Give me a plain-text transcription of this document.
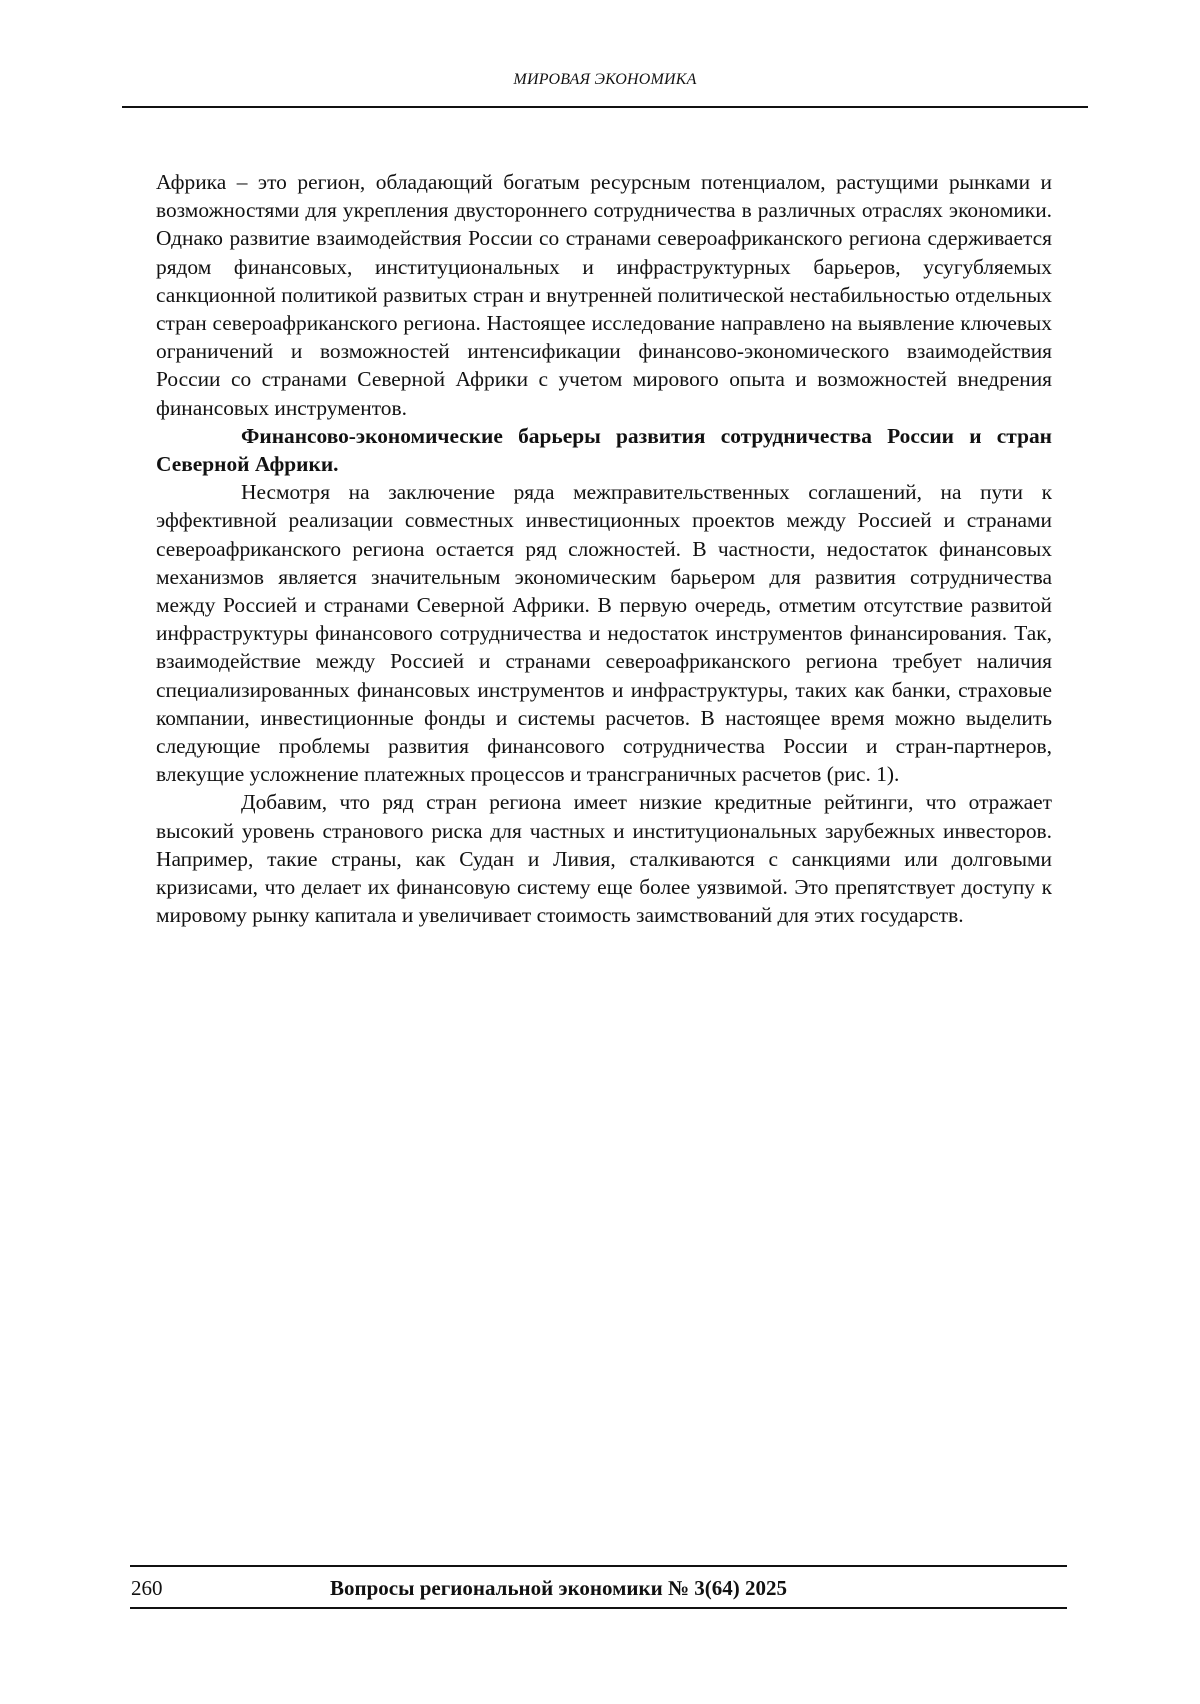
МИРОВАЯ ЭКОНОМИКА

Африка – это регион, обладающий богатым ресурсным потенциалом, растущими рынками и возможностями для укрепления двустороннего сотрудничества в различных отраслях экономики. Однако развитие взаимодействия России со странами североафриканского региона сдерживается рядом финансовых, институциональных и инфраструктурных барьеров, усугубляемых санкционной политикой развитых стран и внутренней политической нестабильностью отдельных стран североафриканского региона. Настоящее исследование направлено на выявление ключевых ограничений и возможностей интенсификации финансово-экономического взаимодействия России со странами Северной Африки с учетом мирового опыта и возможностей внедрения финансовых инструментов.

Финансово-экономические барьеры развития сотрудничества России и стран Северной Африки.

Несмотря на заключение ряда межправительственных соглашений, на пути к эффективной реализации совместных инвестиционных проектов между Россией и странами североафриканского региона остается ряд сложностей. В частности, недостаток финансовых механизмов является значительным экономическим барьером для развития сотрудничества между Россией и странами Северной Африки. В первую очередь, отметим отсутствие развитой инфраструктуры финансового сотрудничества и недостаток инструментов финансирования. Так, взаимодействие между Россией и странами североафриканского региона требует наличия специализированных финансовых инструментов и инфраструктуры, таких как банки, страховые компании, инвестиционные фонды и системы расчетов. В настоящее время можно выделить следующие проблемы развития финансового сотрудничества России и стран-партнеров, влекущие усложнение платежных процессов и трансграничных расчетов (рис. 1).

Добавим, что ряд стран региона имеет низкие кредитные рейтинги, что отражает высокий уровень странового риска для частных и институциональных зарубежных инвесторов. Например, такие страны, как Судан и Ливия, сталкиваются с санкциями или долговыми кризисами, что делает их финансовую систему еще более уязвимой. Это препятствует доступу к мировому рынку капитала и увеличивает стоимость заимствований для этих государств.

260	Вопросы региональной экономики № 3(64) 2025
